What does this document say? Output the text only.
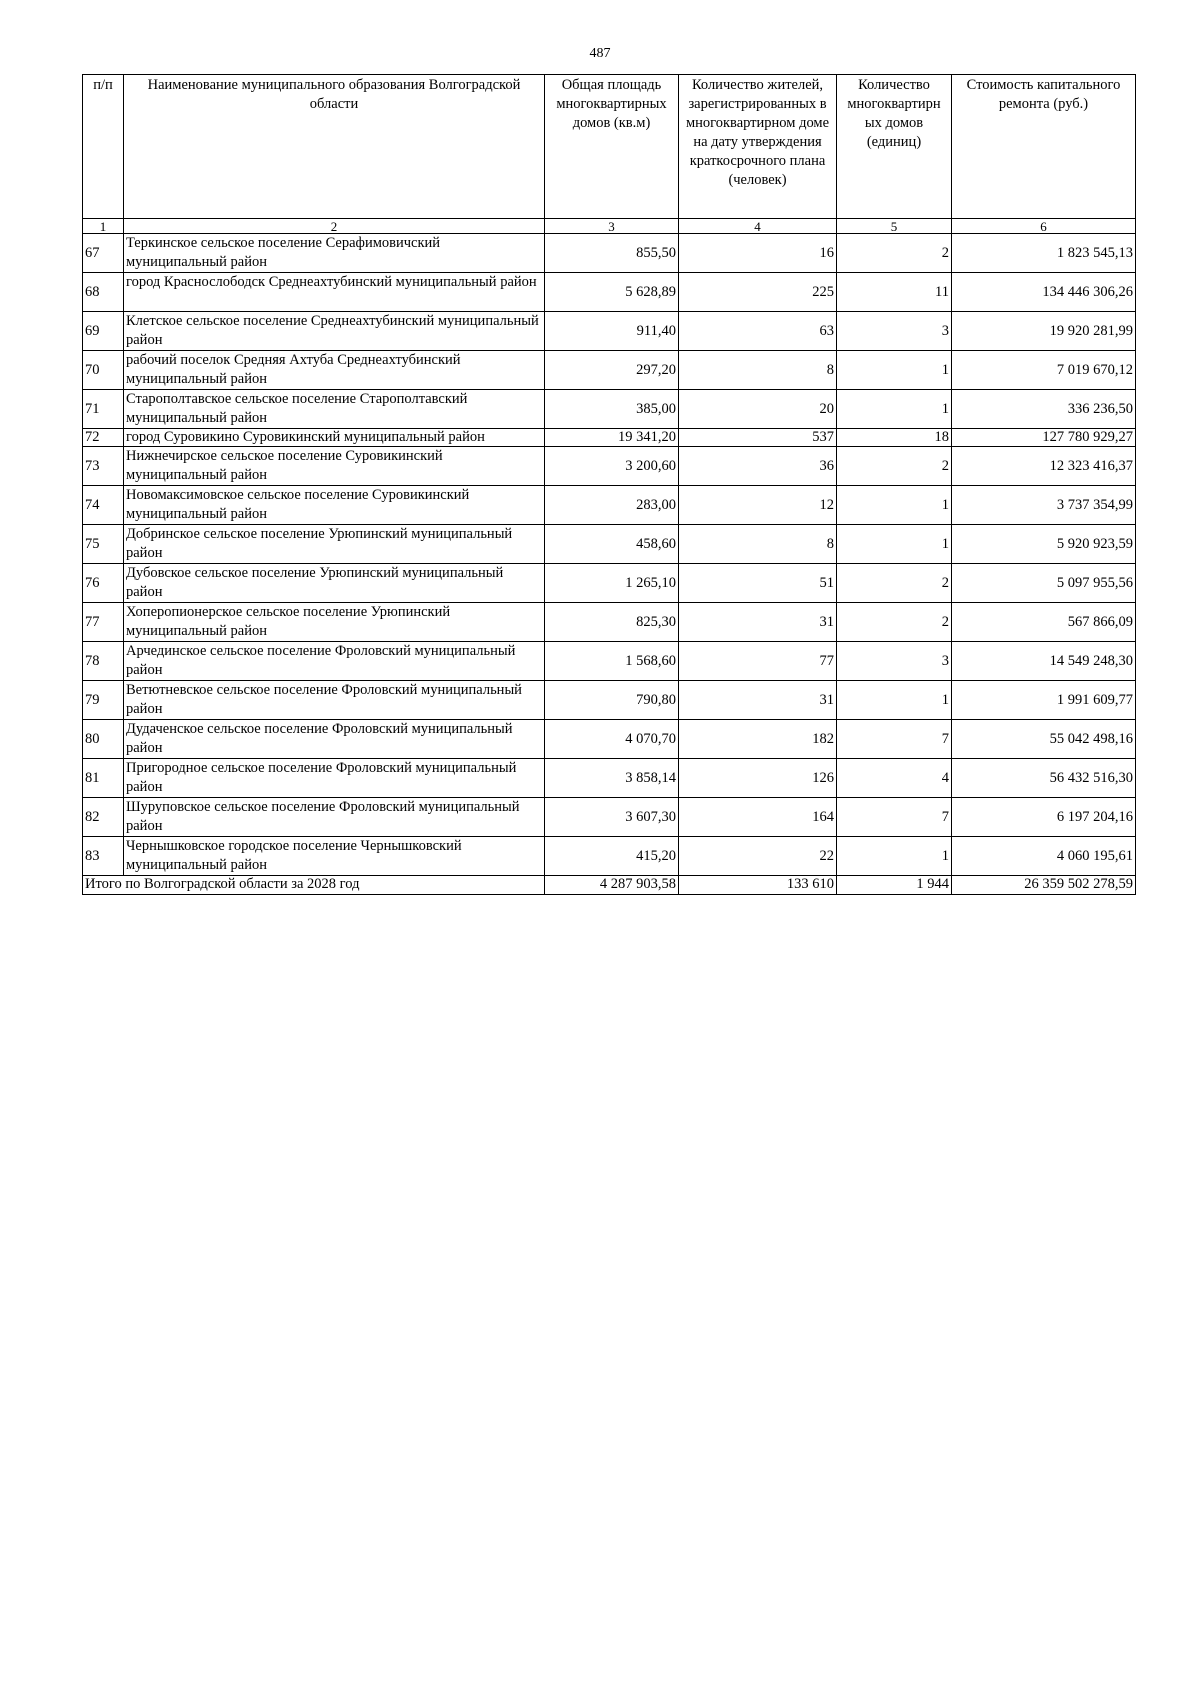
487
п/п	Наименование муниципального образования Волгоградской области	Общая площадь многоквартирных домов (кв.м)	Количество жителей, зарегистрированных в многоквартирном доме на дату утверждения краткосрочного плана (человек)	Количество многоквартирн ых домов (единиц)	Стоимость капитального ремонта (руб.)
1	2	3	4	5	6
67	Теркинское сельское поселение Серафимовичский муниципальный район	855,50	16	2	1 823 545,13
68	город Краснослободск Среднеахтубинский муниципальный район	5 628,89	225	11	134 446 306,26
69	Клетское сельское поселение Среднеахтубинский муниципальный район	911,40	63	3	19 920 281,99
70	рабочий поселок Средняя Ахтуба Среднеахтубинский муниципальный район	297,20	8	1	7 019 670,12
71	Старополтавское сельское поселение Старополтавский муниципальный район	385,00	20	1	336 236,50
72	город Суровикино Суровикинский муниципальный район	19 341,20	537	18	127 780 929,27
73	Нижнечирское сельское поселение Суровикинский муниципальный район	3 200,60	36	2	12 323 416,37
74	Новомаксимовское сельское поселение Суровикинский муниципальный район	283,00	12	1	3 737 354,99
75	Добринское сельское поселение Урюпинский муниципальный район	458,60	8	1	5 920 923,59
76	Дубовское сельское поселение Урюпинский муниципальный район	1 265,10	51	2	5 097 955,56
77	Хоперопионерское сельское поселение Урюпинский муниципальный район	825,30	31	2	567 866,09
78	Арчединское сельское поселение Фроловский муниципальный район	1 568,60	77	3	14 549 248,30
79	Ветютневское сельское поселение Фроловский муниципальный район	790,80	31	1	1 991 609,77
80	Дудаченское сельское поселение Фроловский муниципальный район	4 070,70	182	7	55 042 498,16
81	Пригородное сельское поселение Фроловский муниципальный район	3 858,14	126	4	56 432 516,30
82	Шуруповское сельское поселение Фроловский муниципальный район	3 607,30	164	7	6 197 204,16
83	Чернышковское городское поселение Чернышковский муниципальный район	415,20	22	1	4 060 195,61
Итого по Волгоградской области за 2028 год		4 287 903,58	133 610	1 944	26 359 502 278,59
